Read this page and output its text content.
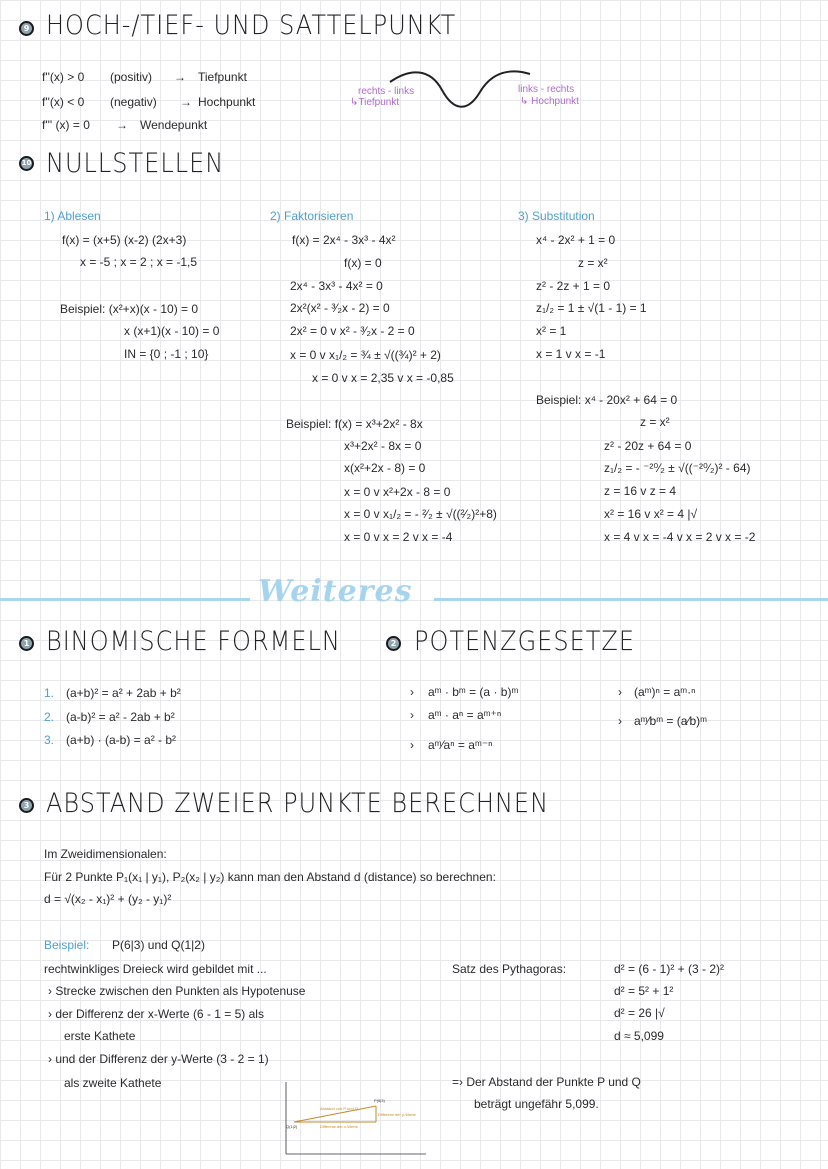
9 HOCH-/TIEF- UND SATTELPUNKT
f''(x) > 0 (positiv) → Tiefpunkt
f''(x) < 0 (negativ) → Hochpunkt
f''' (x) = 0 → Wendepunkt
rechts - links
↳Tiefpunkt
links - rechts
↳ Hochpunkt
10 NULLSTELLEN
1) Ablesen
f(x) = (x+5) (x-2) (2x+3)
x = -5 ; x = 2 ; x = -1,5
Beispiel: (x²+x)(x - 10) = 0
x (x+1)(x - 10) = 0
IN = {0 ; -1 ; 10}
2) Faktorisieren
f(x) = 2x⁴ - 3x³ - 4x²
f(x) = 0
2x⁴ - 3x³ - 4x² = 0
2x²(x² - ³⁄₂x - 2) = 0
2x² = 0 v x² - ³⁄₂x - 2 = 0
x = 0 v x₁/₂ = ¾ ± √((¾)² + 2)
x = 0 v x = 2,35 v x = -0,85
Beispiel: f(x) = x³+2x² - 8x
x³+2x² - 8x = 0
x(x²+2x - 8) = 0
x = 0 v x²+2x - 8 = 0
x = 0 v x₁/₂ = - ²⁄₂ ± √((²⁄₂)²+8)
x = 0 v x = 2 v x = -4
3) Substitution
x⁴ - 2x² + 1 = 0
z = x²
z² - 2z + 1 = 0
z₁/₂ = 1 ± √(1 - 1) = 1
x² = 1
x = 1 v x = -1
Beispiel: x⁴ - 20x² + 64 = 0
z = x²
z² - 20z + 64 = 0
z₁/₂ = - ⁻²⁰⁄₂ ± √((⁻²⁰⁄₂)² - 64)
z = 16 v z = 4
x² = 16 v x² = 4 |√
x = 4 v x = -4 v x = 2 v x = -2
Weiteres
1 BINOMISCHE FORMELN
1. (a+b)² = a² + 2ab + b²
2. (a-b)² = a² - 2ab + b²
3. (a+b) · (a-b) = a² - b²
2 POTENZGESETZE
› aᵐ · bᵐ = (a · b)ᵐ
› aᵐ · aⁿ = aᵐ⁺ⁿ
› aᵐ⁄aⁿ = aᵐ⁻ⁿ
› (aᵐ)ⁿ = aᵐ·ⁿ
› aᵐ⁄bᵐ = (a⁄b)ᵐ
3 ABSTAND ZWEIER PUNKTE BERECHNEN
Im Zweidimensionalen:
Für 2 Punkte P₁(x₁ | y₁), P₂(x₂ | y₂) kann man den Abstand d (distance) so berechnen:
d = √(x₂ - x₁)² + (y₂ - y₁)²
Beispiel: P(6|3) und Q(1|2)
rechtwinkliges Dreieck wird gebildet mit ...
› Strecke zwischen den Punkten als Hypotenuse
› der Differenz der x-Werte (6 - 1 = 5) als
erste Kathete
› und der Differenz der y-Werte (3 - 2 = 1)
als zweite Kathete
Satz des Pythagoras:	d² = (6 - 1)² + (3 - 2)²
d² = 5² + 1²
d² = 26 |√
d ≈ 5,099
=› Der Abstand der Punkte P und Q
beträgt ungefähr 5,099.
P(6|3)
Q(1|2)
Abstand von P und Q
Differenz der y-Werte
Differenz der x-Werte
